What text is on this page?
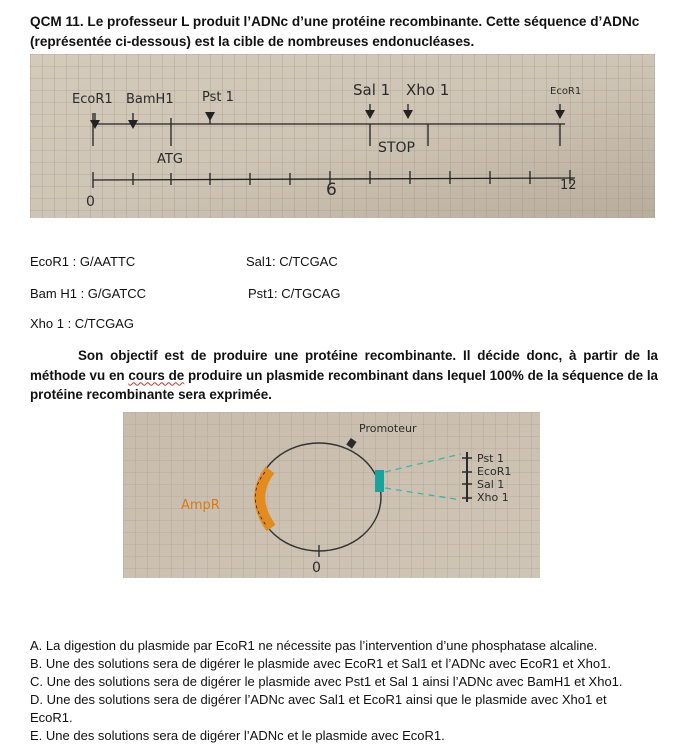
QCM 11. Le professeur L produit l’ADNc d’une protéine recombinante. Cette séquence d’ADNc
(représentée ci-dessous) est la cible de nombreuses endonucléases.
EcoR1 BamH1 Pst 1	Sal 1 Xho 1	EcoR1
ATG
STOP
0
6	12
EcoR1 : G/AATTC	Sal1: C/TCGAC
Bam H1 : G/GATCC	Pst1: C/TGCAG
Xho 1 : C/TCGAG
Son objectif est de produire une protéine recombinante. Il décide donc, à partir de la méthode vu en cours de produire un plasmide recombinant dans lequel 100% de la séquence de la protéine recombinante sera exprimée.
Promoteur
AmpR
0
Pst 1
EcoR1
Sal 1
Xho 1
A. La digestion du plasmide par EcoR1 ne nécessite pas l’intervention d’une phosphatase alcaline.
B. Une des solutions sera de digérer le plasmide avec EcoR1 et Sal1 et l’ADNc avec EcoR1 et Xho1.
C. Une des solutions sera de digérer le plasmide avec Pst1 et Sal 1 ainsi l’ADNc avec BamH1 et Xho1.
D. Une des solutions sera de digérer l’ADNc avec Sal1 et EcoR1 ainsi que le plasmide avec Xho1 et
EcoR1.
E. Une des solutions sera de digérer l’ADNc et le plasmide avec EcoR1.
